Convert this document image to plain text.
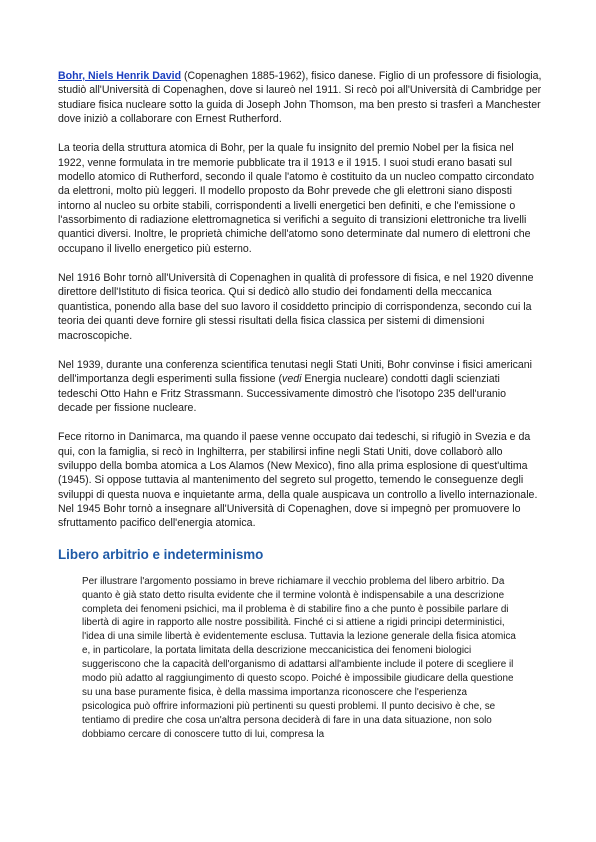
Bohr, Niels Henrik David (Copenaghen 1885-1962), fisico danese. Figlio di un professore di fisiologia, studiò all'Università di Copenaghen, dove si laureò nel 1911. Si recò poi all'Università di Cambridge per studiare fisica nucleare sotto la guida di Joseph John Thomson, ma ben presto si trasferì a Manchester dove iniziò a collaborare con Ernest Rutherford.

La teoria della struttura atomica di Bohr, per la quale fu insignito del premio Nobel per la fisica nel 1922, venne formulata in tre memorie pubblicate tra il 1913 e il 1915. I suoi studi erano basati sul modello atomico di Rutherford, secondo il quale l'atomo è costituito da un nucleo compatto circondato da elettroni, molto più leggeri. Il modello proposto da Bohr prevede che gli elettroni siano disposti intorno al nucleo su orbite stabili, corrispondenti a livelli energetici ben definiti, e che l'emissione o l'assorbimento di radiazione elettromagnetica si verifichi a seguito di transizioni elettroniche tra livelli quantici diversi. Inoltre, le proprietà chimiche dell'atomo sono determinate dal numero di elettroni che occupano il livello energetico più esterno.

Nel 1916 Bohr tornò all'Università di Copenaghen in qualità di professore di fisica, e nel 1920 divenne direttore dell'Istituto di fisica teorica. Qui si dedicò allo studio dei fondamenti della meccanica quantistica, ponendo alla base del suo lavoro il cosiddetto principio di corrispondenza, secondo cui la teoria dei quanti deve fornire gli stessi risultati della fisica classica per sistemi di dimensioni macroscopiche.

Nel 1939, durante una conferenza scientifica tenutasi negli Stati Uniti, Bohr convinse i fisici americani dell'importanza degli esperimenti sulla fissione (vedi Energia nucleare) condotti dagli scienziati tedeschi Otto Hahn e Fritz Strassmann. Successivamente dimostrò che l'isotopo 235 dell'uranio decade per fissione nucleare.

Fece ritorno in Danimarca, ma quando il paese venne occupato dai tedeschi, si rifugiò in Svezia e da qui, con la famiglia, si recò in Inghilterra, per stabilirsi infine negli Stati Uniti, dove collaborò allo sviluppo della bomba atomica a Los Alamos (New Mexico), fino alla prima esplosione di quest'ultima (1945). Si oppose tuttavia al mantenimento del segreto sul progetto, temendo le conseguenze degli sviluppi di questa nuova e inquietante arma, della quale auspicava un controllo a livello internazionale. Nel 1945 Bohr tornò a insegnare all'Università di Copenaghen, dove si impegnò per promuovere lo sfruttamento pacifico dell'energia atomica.

Libero arbitrio e indeterminismo
Per illustrare l'argomento possiamo in breve richiamare il vecchio problema del libero arbitrio. Da quanto è già stato detto risulta evidente che il termine volontà è indispensabile a una descrizione completa dei fenomeni psichici, ma il problema è di stabilire fino a che punto è possibile parlare di libertà di agire in rapporto alle nostre possibilità. Finché ci si attiene a rigidi principi deterministici, l'idea di una simile libertà è evidentemente esclusa. Tuttavia la lezione generale della fisica atomica e, in particolare, la portata limitata della descrizione meccanicistica dei fenomeni biologici suggeriscono che la capacità dell'organismo di adattarsi all'ambiente include il potere di scegliere il modo più adatto al raggiungimento di questo scopo. Poiché è impossibile giudicare della questione su una base puramente fisica, è della massima importanza riconoscere che l'esperienza psicologica può offrire informazioni più pertinenti su questi problemi. Il punto decisivo è che, se tentiamo di predire che cosa un'altra persona deciderà di fare in una data situazione, non solo dobbiamo cercare di conoscere tutto di lui, compresa la
